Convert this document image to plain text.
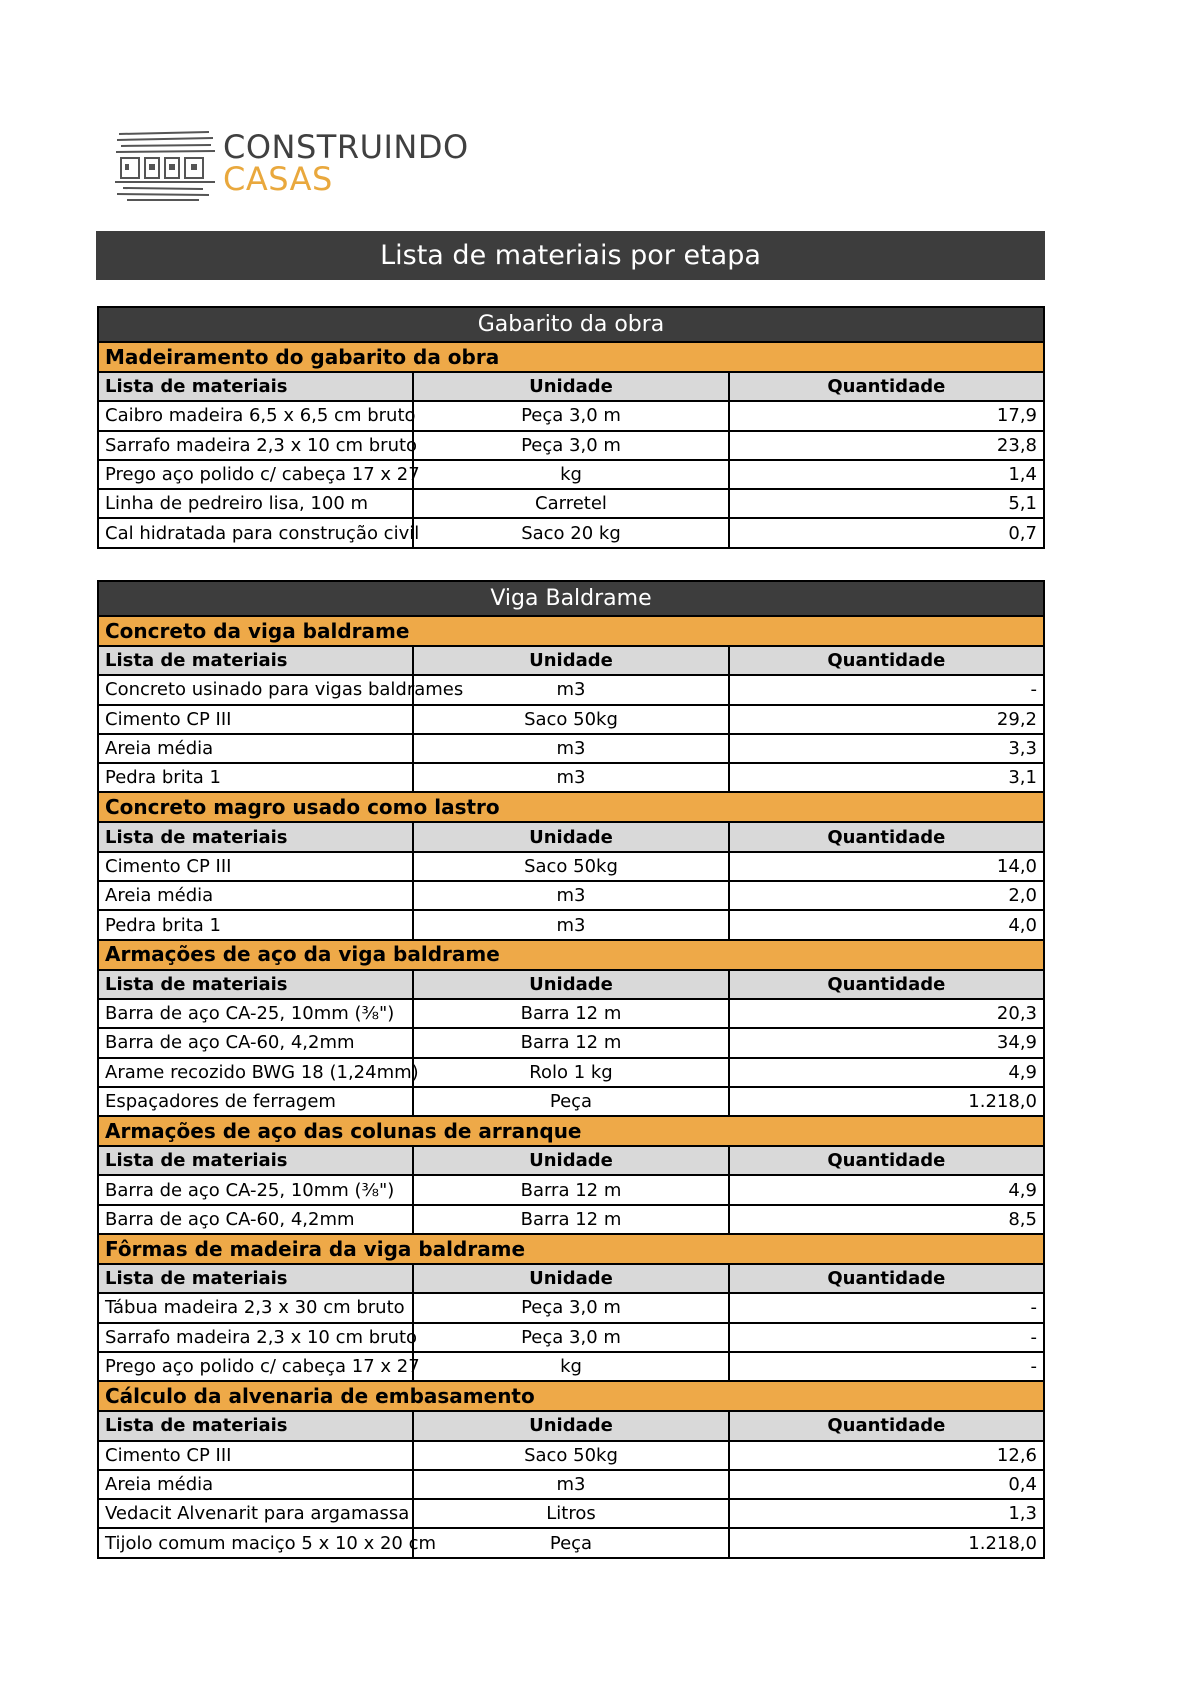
CONSTRUINDO
CASAS
Lista de materiais por etapa
Gabarito da obra		
Madeiramento do gabarito da obra		
Lista de materiais	Unidade	Quantidade
Caibro madeira 6,5 x 6,5 cm bruto	Peça 3,0 m	17,9
Sarrafo madeira 2,3 x 10 cm bruto	Peça 3,0 m	23,8
Prego aço polido c/ cabeça 17 x 27	kg	1,4
Linha de pedreiro lisa, 100 m	Carretel	5,1
Cal hidratada para construção civil	Saco 20 kg	0,7
Viga Baldrame		
Concreto da viga baldrame		
Lista de materiais	Unidade	Quantidade
Concreto usinado para vigas baldrames	m3	-
Cimento CP III	Saco 50kg	29,2
Areia média	m3	3,3
Pedra brita 1	m3	3,1
Concreto magro usado como lastro		
Lista de materiais	Unidade	Quantidade
Cimento CP III	Saco 50kg	14,0
Areia média	m3	2,0
Pedra brita 1	m3	4,0
Armações de aço da viga baldrame		
Lista de materiais	Unidade	Quantidade
Barra de aço CA-25, 10mm (⅜")	Barra 12 m	20,3
Barra de aço CA-60, 4,2mm	Barra 12 m	34,9
Arame recozido BWG 18 (1,24mm)	Rolo 1 kg	4,9
Espaçadores de ferragem	Peça	1.218,0
Armações de aço das colunas de arranque		
Lista de materiais	Unidade	Quantidade
Barra de aço CA-25, 10mm (⅜")	Barra 12 m	4,9
Barra de aço CA-60, 4,2mm	Barra 12 m	8,5
Fôrmas de madeira da viga baldrame		
Lista de materiais	Unidade	Quantidade
Tábua madeira 2,3 x 30 cm bruto	Peça 3,0 m	-
Sarrafo madeira 2,3 x 10 cm bruto	Peça 3,0 m	-
Prego aço polido c/ cabeça 17 x 27	kg	-
Cálculo da alvenaria de embasamento		
Lista de materiais	Unidade	Quantidade
Cimento CP III	Saco 50kg	12,6
Areia média	m3	0,4
Vedacit Alvenarit para argamassa	Litros	1,3
Tijolo comum maciço 5 x 10 x 20 cm	Peça	1.218,0
